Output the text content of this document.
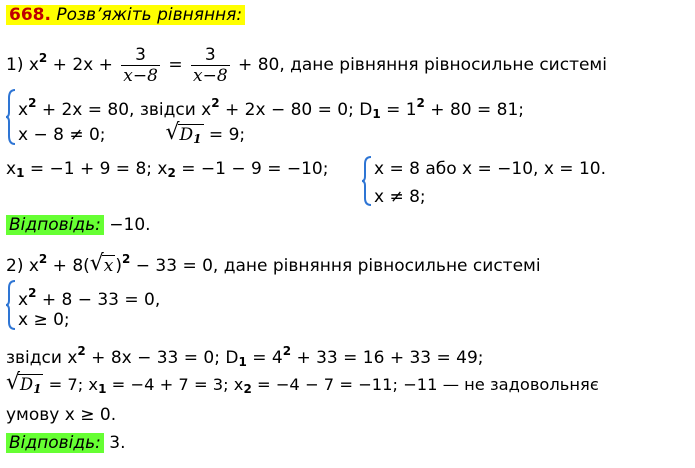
668. Розв’яжіть рівняння:
1) $x^2 + 2x + \frac{3}{x-8} = \frac{3}{x-8} + 80$, дане рівняння рівносильне системі
$x^2 + 2x = 80$, звідси $x^2 + 2x - 80 = 0$; $D_1 = 1^2 + 80 = 81$;
x − 8 ≠ 0;	√ $D_1 = 9$;
$x_1 = -1 + 9 = 8$; $x_2 = -1 - 9 = -10$;	x = 8 або x = −10, x = 10.
x ≠ 8;
Відповідь: −10.
2) $x^2 + 8$( √ x )$^2$ − 33 = 0, дане рівняння рівносильне системі
$x^2 + 8 - 33 = 0$,
x ≥ 0;
звідси $x^2 + 8x - 33 = 0$; $D_1 = 4^2 + 33 = 16 + 33 = 49$;
√ $D_1 = 7$; $x_1 = -4 + 7 = 3$; $x_2 = -4 - 7 = -11$; −11 — не задовольняє
умову x ≥ 0.
Відповідь: 3.
